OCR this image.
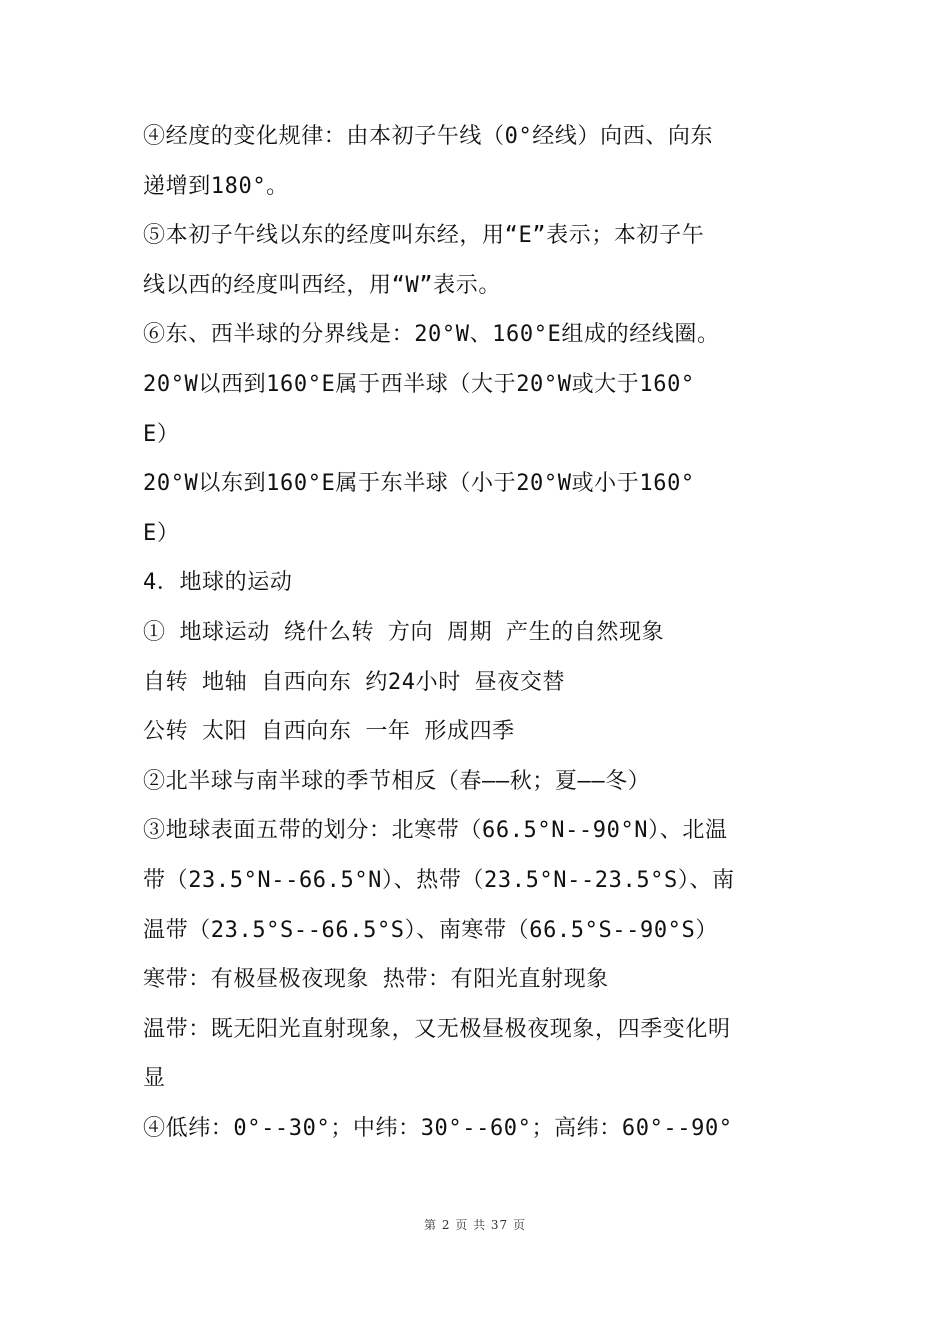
④经度的变化规律：由本初子午线（0°经线）向西、向东
递增到180°。
⑤本初子午线以东的经度叫东经，用“E”表示；本初子午
线以西的经度叫西经，用“W”表示。
⑥东、西半球的分界线是：20°W、160°E组成的经线圈。
20°W以西到160°E属于西半球（大于20°W或大于160°
E）
20°W以东到160°E属于东半球（小于20°W或小于160°
E）
4．地球的运动
① 地球运动 绕什么转 方向 周期 产生的自然现象
自转 地轴 自西向东 约24小时 昼夜交替
公转 太阳 自西向东 一年 形成四季
②北半球与南半球的季节相反（春——秋；夏——冬）
③地球表面五带的划分：北寒带（66.5°N--90°N）、北温
带（23.5°N--66.5°N）、热带（23.5°N--23.5°S）、南
温带（23.5°S--66.5°S）、南寒带（66.5°S--90°S）
寒带：有极昼极夜现象 热带：有阳光直射现象
温带：既无阳光直射现象，又无极昼极夜现象，四季变化明
显
④低纬：0°--30°；中纬：30°--60°；高纬：60°--90°
第 2 页 共 37 页
